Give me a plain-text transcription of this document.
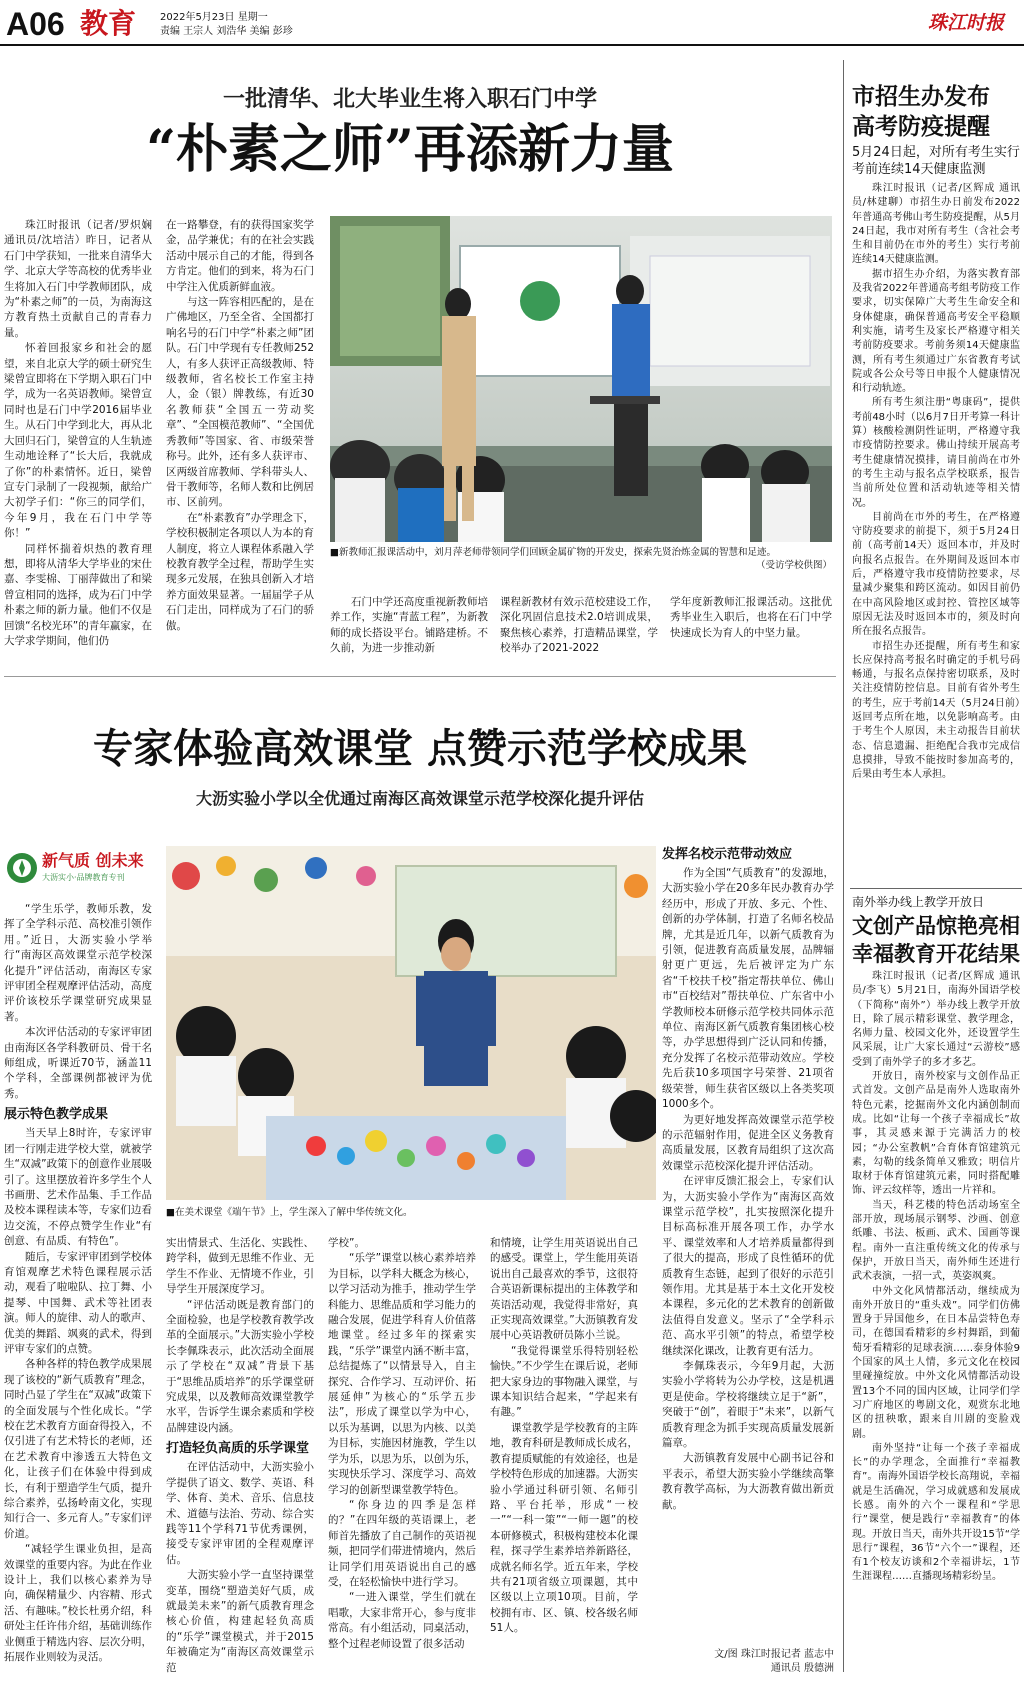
A06 教育 2022年5月23日 星期一
责编 王宗人 刘浩华 美编 彭珍	珠江时报
一批清华、北大毕业生将入职石门中学
“朴素之师”再添新力量

珠江时报讯（记者/罗炽娴 通讯员/沈培洁）昨日，记者从石门中学获知，一批来自清华大学、北京大学等高校的优秀毕业生将加入石门中学教师团队，成为“朴素之师”的一员，为南海这方教育热土贡献自己的青春力量。

怀着回报家乡和社会的愿望，来自北京大学的硕士研究生梁曾宣即将在下学期入职石门中学，成为一名英语教师。梁曾宣同时也是石门中学2016届毕业生。从石门中学到北大，再从北大回归石门，梁曾宣的人生轨迹生动地诠释了“长大后，我就成了你”的朴素情怀。近日，梁曾宣专门录制了一段视频，献给广大初学子们：“你三的同学们，今年9月，我在石门中学等你！”

同样怀揣着炽热的教育理想，即将从清华大学毕业的宋仕嘉、李雯棉、丁丽萍做出了和梁曾宣相同的选择，成为石门中学朴素之师的新力量。他们不仅是回馈“名校光环”的青年赢家，在大学求学期间，他们仍

在一路攀登，有的获得国家奖学金，品学兼优；有的在社会实践活动中展示自己的才能，得到各方肯定。他们的到来，将为石门中学注入优质新鲜血液。

与这一阵容相匹配的，是在广佛地区，乃至全省、全国都打响名号的石门中学“朴素之师”团队。石门中学现有专任教师252人，有多人获评正高级教师、特级教师，省名校长工作室主持人，金（银）牌教练，有近30名教师获“全国五一劳动奖章”、“全国模范教师”、“全国优秀教师”等国家、省、市级荣誉称号。此外，还有多人获评市、区两级首席教师、学科带头人、骨干教师等，名师人数和比例居市、区前列。

在“朴素教育”办学理念下，学校积极制定各项以人为本的育人制度，将立人课程体系融入学校教育教学全过程，帮助学生实现多元发展，在独具创新入才培养方面效果显著。一届届学子从石门走出，同样成为了石门的骄傲。

■新教师汇报课活动中，刘月萍老师带领同学们回顾金属矿物的开发史，探索先贤治炼金属的智慧和足迹。
（受访学校供图）

石门中学还高度重视新教师培养工作，实施“青蓝工程”，为新教师的成长搭设平台。铺路建桥。不久前，为进一步推动新

课程新教材有效示范校建设工作，深化巩固信息技术2.0培训成果，聚焦核心素养，打造精品课堂，学校举办了2021-2022

学年度新教师汇报课活动。这批优秀毕业生入职后，也将在石门中学快速成长为育人的中坚力量。

市招生办发布
高考防疫提醒
5月24日起，对所有考生实行考前连续14天健康监测

珠江时报讯（记者/区辉成 通讯员/林建聊）市招生办日前发布2022年普通高考佛山考生防疫提醒，从5月24日起，我市对所有考生（含社会考生和目前仍在市外的考生）实行考前连续14天健康监测。

据市招生办介绍，为落实教育部及我省2022年普通高考组考防疫工作要求，切实保障广大考生生命安全和身体健康，确保普通高考安全平稳顺利实施，请考生及家长严格遵守相关考前防疫要求。考前务须14天健康监测，所有考生须通过广东省教育考试院或各公众号等日申报个人健康情况和行动轨迹。

所有考生须注册“粤康码”，提供考前48小时（以6月7日开考算一科计算）核酸检测阴性证明，严格遵守我市疫情防控要求。佛山持续开展高考考生健康情况摸排，请目前尚在市外的考生主动与报名点学校联系，报告当前所处位置和活动轨迹等相关情况。

目前尚在市外的考生，在严格遵守防疫要求的前提下，须于5月24日前（高考前14天）返回本市，并及时向报名点报告。在外期间及返回本市后，严格遵守我市疫情防控要求，尽量减少聚集和跨区流动。如因目前仍在中高风险地区或封控、管控区域等原因无法及时返回本市的，须及时向所在报名点报告。

市招生办还提醒，所有考生和家长应保持高考报名时确定的手机号码畅通，与报名点保持密切联系，及时关注疫情防控信息。目前有省外考生的考生，应于考前14天（5月24日前）返回考点所在地，以免影响高考。由于考生个人原因，未主动报告目前状态、信息遗漏、拒绝配合我市完成信息摸排，导致不能按时参加高考的，后果由考生本人承担。

南外举办线上教学开放日
文创产品惊艳亮相
幸福教育开花结果

珠江时报讯（记者/区辉成 通讯员/李飞）5月21日，南海外国语学校（下简称“南外”）举办线上教学开放日，除了展示精彩课堂、教学理念，名师力量、校园文化外，还设置学生风采展，让广大家长通过“云游校”感受到了南外学子的多才多艺。

开放日，南外校家与文创作品正式首发。文创产品是南外人选取南外特色元素，挖掘南外文化内涵创制而成。比如“让每一个孩子幸福成长”故事，其灵感来源于完满活力的校园；“办公室教帆”合育体育馆建筑元素，勾勒的线条简单又雅致；明信片取材于体育馆建筑元素，同时搭配雕饰、评云纹样等，透出一片祥和。

当天，科艺楼的特色活动场室全部开放，现场展示钢琴、沙画、创意纸雕、书法、板画、武术、国画等课程。南外一直注重传统文化的传承与保护，开放日当天，南外师生还进行武术表演，一招一式，英姿飒爽。

中外文化风情都活动，继续成为南外开放日的“重头戏”。同学们仿佛置身于异国他乡，在日本品尝特色寿司，在德国看精彩的乡村舞蹈，到葡萄牙看精彩的足球表演……泰身体验9个国家的风土人情，多元文化在校园里碰撞绽放。中外文化风情都活动设置13个不同的国内区域，让同学们学习广府地区的粤剧文化，观赏东北地区的扭秧歌，跟来自川剧的变脸戏剧。

南外坚持“让每一个孩子幸福成长”的办学理念，全面推行“幸福教育”。南海外国语学校长高翔说，幸福就是生活确况，学习成就感和发展成长感。南外的六个一课程和“学思行”课堂，便是践行“幸福教育”的体现。开放日当天，南外共开设15节“学思行”课程，36节“六个一”课程，还有1个校友访谈和2个幸福讲坛，1节生涯课程……直播现场精彩纷呈。

专家体验高效课堂 点赞示范学校成果
大沥实验小学以全优通过南海区高效课堂示范学校深化提升评估
新气质 创未来
大沥实小·品牌教育专刊

“学生乐学，教师乐教，发挥了全学科示范、高校准引领作用。”近日，大沥实验小学举行“南海区高效课堂示范学校深化提升”评估活动，南海区专家评审团全程观摩评估活动，高度评价该校乐学课堂研究成果显著。

本次评估活动的专家评审团由南海区各学科教研员、骨干名师组成，听课近70节，涵盖11个学科，全部课例都被评为优秀。

展示特色教学成果

当天早上8时许，专家评审团一行刚走进学校大堂，就被学生“双减”政策下的创意作业展吸引了。这里摆放着许多学生个人书画册、艺术作品集、手工作品及校本课程读本等，专家们边看边交流，不停点赞学生作业“有创意、有品质、有特色”。

随后，专家评审团到学校体育馆观摩艺术特色课程展示活动，观看了啦啦队、拉丁舞、小提琴、中国舞、武术等社团表演。师人的旋律、动人的歌声、优美的舞蹈、飒爽的武术，得到评审专家们的点赞。

各种各样的特色教学成果展现了该校的“新气质教育”理念，同时凸显了学生在“双减”政策下的全面发展与个性化成长。“学校在艺术教育方面奋得投入，不仅引进了有艺术特长的老师，还在艺术教育中渗透五大特色文化，让孩子们在体验中得到成长，有利于塑造学生气质，提升综合素养，弘扬岭南文化，实现知行合一、多元育人。”专家们评价道。

“减轻学生课业负担，是高效课堂的重要内容。为此在作业设计上，我们以核心素养为导向，确保精量少、内容精、形式活、有趣味。”校长杜勇介绍，科研处主任许伟介绍，基础训练作业侧重于精选内容、层次分明，拓展作业则较为灵活。

■在美术课堂《端午节》上，学生深入了解中华传统文化。

实出情景式、生活化、实践性、跨学科，做到无思维不作业、无学生不作业、无情境不作业，引导学生开展深度学习。

“评估活动既是教育部门的全面检验，也是学校教育教学改革的全面展示。”大沥实验小学校长李佩珠表示，此次活动全面展示了学校在“双减”背景下基于“思维品质培养”的乐学课堂研究成果，以及教师高效课堂教学水平，告诉学生课余素质和学校品牌建设内涵。

打造轻负高质的乐学课堂

在评估活动中，大沥实验小学提供了语文、数学、英语、科学、体育、美术、音乐、信息技术、道德与法治、劳动、综合实践等11个学科71节优秀课例，接受专家评审团的全程观摩评估。

大沥实验小学一直坚持课堂变革，围绕“塑造美好气质，成就最美未来”的新气质教育理念核心价值，构建起轻负高质的“乐学”课堂模式，并于2015年被确定为“南海区高效课堂示范

学校”。

“乐学”课堂以核心素养培养为目标，以学科大概念为核心，以学习活动为推手，推动学生学科能力、思维品质和学习能力的融合发展，促进学科育人价值落地课堂。经过多年的探索实践，“乐学”课堂内涵不断丰富，总结提炼了“以情景导入，自主探究、合作学习、互动评价、拓展延伸”为核心的“乐学五步法”，形成了课堂以学为中心，以乐为基调，以思为内核、以美为目标，实施因材施教，学生以学为乐，以思为乐，以创为乐，实现快乐学习、深度学习、高效学习的创新型课堂教学特色。

“你身边的四季是怎样的？”在四年级的英语课上，老师首先播放了自己制作的英语视频，把同学们带进情境内，然后让同学们用英语说出自己的感受，在轻松愉快中进行学习。

“一进入课堂，学生们就在唱歌，大家非常开心，参与度非常高。有小组活动，同桌活动，整个过程老师设置了很多活动

和情境，让学生用英语说出自己的感受。课堂上，学生能用英语说出自己最喜欢的季节，这很符合英语新课标提出的主体教学和英语活动观，我觉得非常好，真正实现高效课堂。”大沥镇教育发展中心英语教研员陈小兰说。

“我觉得课堂乐得特别轻松愉快。”不少学生在课后说，老师把大家身边的事物融入课堂，与课本知识结合起来，“学起来有有趣。”

课堂教学是学校教育的主阵地，教育科研是教师成长成名，教育提质赋能的有效途径，也是学校特色形成的加速器。大沥实验小学通过科研引领、名师引路、平台托举，形成“一校一”“一科一策”“一师一题”的校本研修模式，积极构建校本化课程，探寻学生素养培养新路径，成就名师名学。近五年来，学校共有21项省级立项课题，其中区级以上立项10项。目前，学校拥有市、区、镇、校各级名师51人。

发挥名校示范带动效应

作为全国“气质教育”的发源地，大沥实验小学在20多年民办教育办学经历中，形成了开放、多元、个性、创新的办学体制，打造了名师名校品牌，尤其是近几年，以新气质教育为引领，促进教育高质量发展，品牌辐射更广更远，先后被评定为广东省“千校扶千校”指定帮扶单位、佛山市“百校结对”帮扶单位、广东省中小学教师校本研修示范学校共同体示范单位、南海区新气质教育集团核心校等，办学思想得到广泛认同和传播，充分发挥了名校示范带动效应。学校先后获10多项国字号荣誉、21项省级荣誉，师生获省区级以上各类奖项1000多个。

为更好地发挥高效课堂示范学校的示范辐射作用，促进全区义务教育高质量发展，区教育局组织了这次高效课堂示范校深化提升评估活动。

在评审反馈汇报会上，专家们认为，大沥实验小学作为“南海区高效课堂示范学校”，扎实按照深化提升目标高标准开展各项工作，办学水平、课堂效率和人才培养质量都得到了很大的提高，形成了良性循环的优质教育生态链，起到了很好的示范引领作用。尤其是基于本土文化开发校本课程，多元化的艺术教育的创新做法值得自发意义。坚示了“全学科示范、高水平引领”的特点，希望学校继续深化课改，让教育更有活力。

李佩珠表示，今年9月起，大沥实验小学将转为公办学校，这是机遇更是使命。学校将继续立足于“新”，突破于“创”，着眼于“未来”，以新气质教育理念为抓手实现高质量发展新篇章。

大沥镇教育发展中心副书记谷和平表示，希望大沥实验小学继续高擎教育教学高标，为大沥教育做出新贡献。

文/图 珠江时报记者 蓝志中
通讯员 殷德洲
